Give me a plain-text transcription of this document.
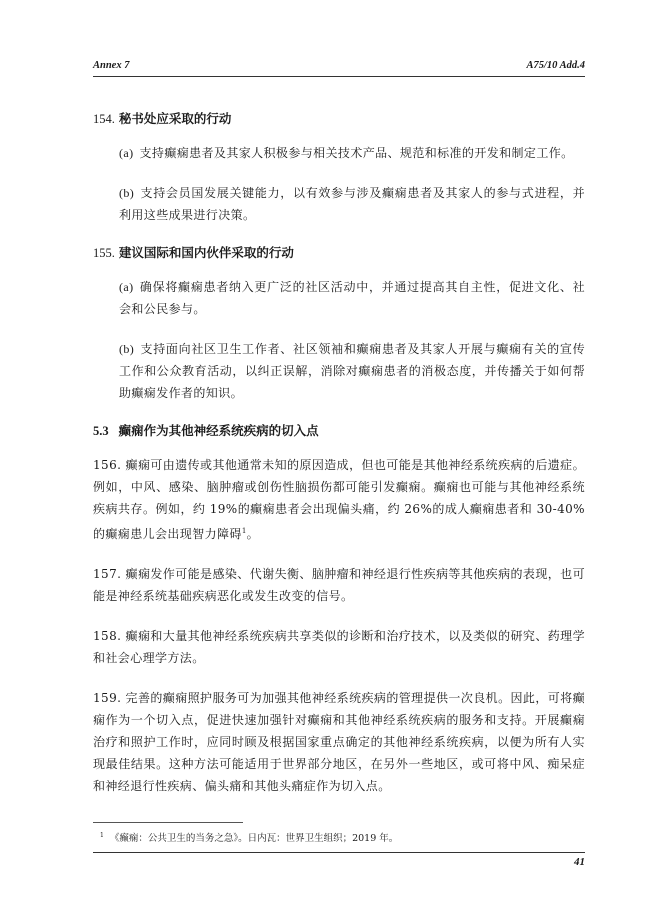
Annex 7	A75/10 Add.4
154. 秘书处应采取的行动
(a) 支持癫痫患者及其家人积极参与相关技术产品、规范和标准的开发和制定工作。
(b) 支持会员国发展关键能力，以有效参与涉及癫痫患者及其家人的参与式进程，并利用这些成果进行决策。
155. 建议国际和国内伙伴采取的行动
(a) 确保将癫痫患者纳入更广泛的社区活动中，并通过提高其自主性，促进文化、社会和公民参与。
(b) 支持面向社区卫生工作者、社区领袖和癫痫患者及其家人开展与癫痫有关的宣传工作和公众教育活动，以纠正误解，消除对癫痫患者的消极态度，并传播关于如何帮助癫痫发作者的知识。
5.3 癫痫作为其他神经系统疾病的切入点
156. 癫痫可由遗传或其他通常未知的原因造成，但也可能是其他神经系统疾病的后遗症。例如，中风、感染、脑肿瘤或创伤性脑损伤都可能引发癫痫。癫痫也可能与其他神经系统疾病共存。例如，约 19%的癫痫患者会出现偏头痛，约 26%的成人癫痫患者和 30-40%的癫痫患儿会出现智力障碍$^1$。
157. 癫痫发作可能是感染、代谢失衡、脑肿瘤和神经退行性疾病等其他疾病的表现，也可能是神经系统基础疾病恶化或发生改变的信号。
158. 癫痫和大量其他神经系统疾病共享类似的诊断和治疗技术，以及类似的研究、药理学和社会心理学方法。
159. 完善的癫痫照护服务可为加强其他神经系统疾病的管理提供一次良机。因此，可将癫痫作为一个切入点，促进快速加强针对癫痫和其他神经系统疾病的服务和支持。开展癫痫治疗和照护工作时，应同时顾及根据国家重点确定的其他神经系统疾病，以便为所有人实现最佳结果。这种方法可能适用于世界部分地区，在另外一些地区，或可将中风、痴呆症和神经退行性疾病、偏头痛和其他头痛症作为切入点。
$^1$ 《癫痫：公共卫生的当务之急》。日内瓦：世界卫生组织；2019 年。
41
